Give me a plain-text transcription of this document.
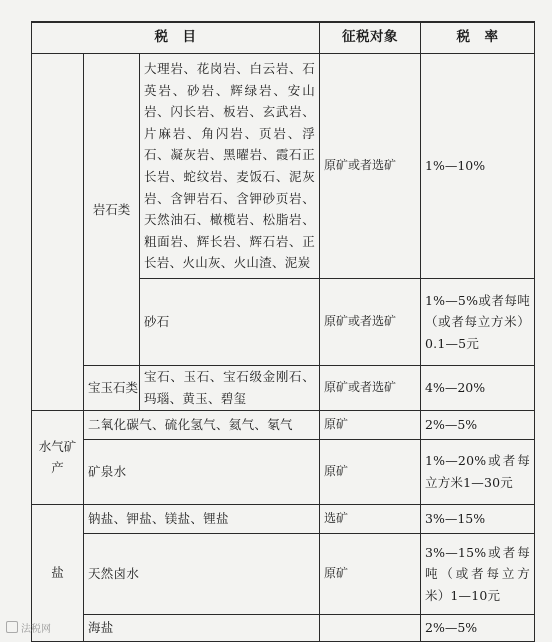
税　目			征税对象	税　率
	岩石类	大理岩、花岗岩、白云岩、石英岩、砂岩、辉绿岩、安山岩、闪长岩、板岩、玄武岩、片麻岩、角闪岩、页岩、浮石、凝灰岩、黑曜岩、霞石正长岩、蛇纹岩、麦饭石、泥灰岩、含钾岩石、含钾砂页岩、天然油石、橄榄岩、松脂岩、粗面岩、辉长岩、辉石岩、正长岩、火山灰、火山渣、泥炭	原矿或者选矿	1%—10%
		砂石	原矿或者选矿	1%—5%或者每吨（或者每立方米）0.1—5元
	宝玉石类	宝石、玉石、宝石级金刚石、玛瑙、黄玉、碧玺	原矿或者选矿	4%—20%
水气矿产	二氧化碳气、硫化氢气、氦气、氡气		原矿	2%—5%
	矿泉水		原矿	1%—20%或者每立方米1—30元
盐	钠盐、钾盐、镁盐、锂盐		选矿	3%—15%
	天然卤水		原矿	3%—15%或者每吨（或者每立方米）1—10元
	海盐			2%—5%
法税网
